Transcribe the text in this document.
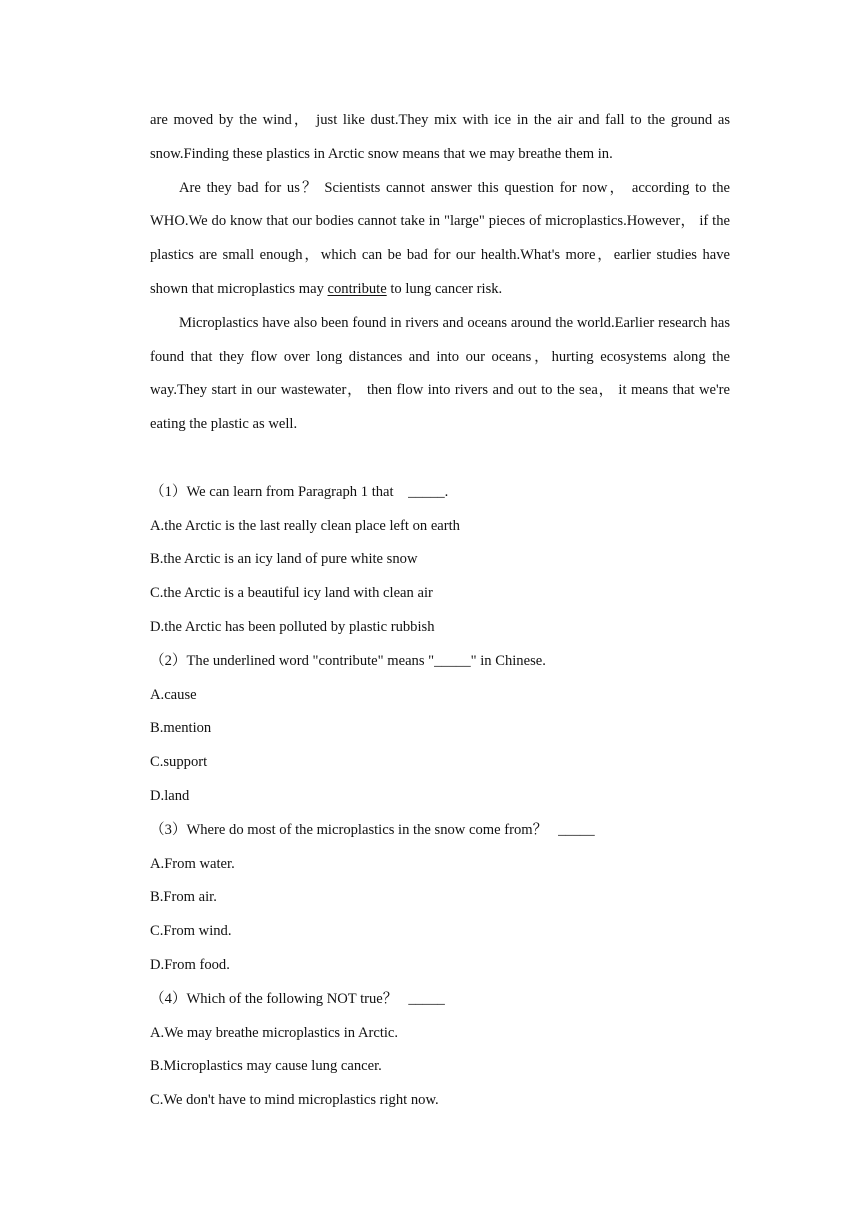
are moved by the wind， just like dust.They mix with ice in the air and fall to the ground as snow.Finding these plastics in Arctic snow means that we may breathe them in.

Are they bad for us？ Scientists cannot answer this question for now， according to the WHO.We do know that our bodies cannot take in "large" pieces of microplastics.However， if the plastics are small enough，which can be bad for our health.What's more，earlier studies have shown that microplastics may contribute to lung cancer risk.

Microplastics have also been found in rivers and oceans around the world.Earlier research has found that they flow over long distances and into our oceans，hurting ecosystems along the way.They start in our wastewater， then flow into rivers and out to the sea， it means that we're eating the plastic as well.

（1）We can learn from Paragraph 1 that    _____.

A.the Arctic is the last really clean place left on earth

B.the Arctic is an icy land of pure white snow

C.the Arctic is a beautiful icy land with clean air

D.the Arctic has been polluted by plastic rubbish

（2）The underlined word "contribute" means "_____" in Chinese.

A.cause

B.mention

C.support

D.land

（3）Where do most of the microplastics in the snow come from？   _____

A.From water.

B.From air.

C.From wind.

D.From food.

（4）Which of the following NOT true？   _____

A.We may breathe microplastics in Arctic.

B.Microplastics may cause lung cancer.

C.We don't have to mind microplastics right now.
